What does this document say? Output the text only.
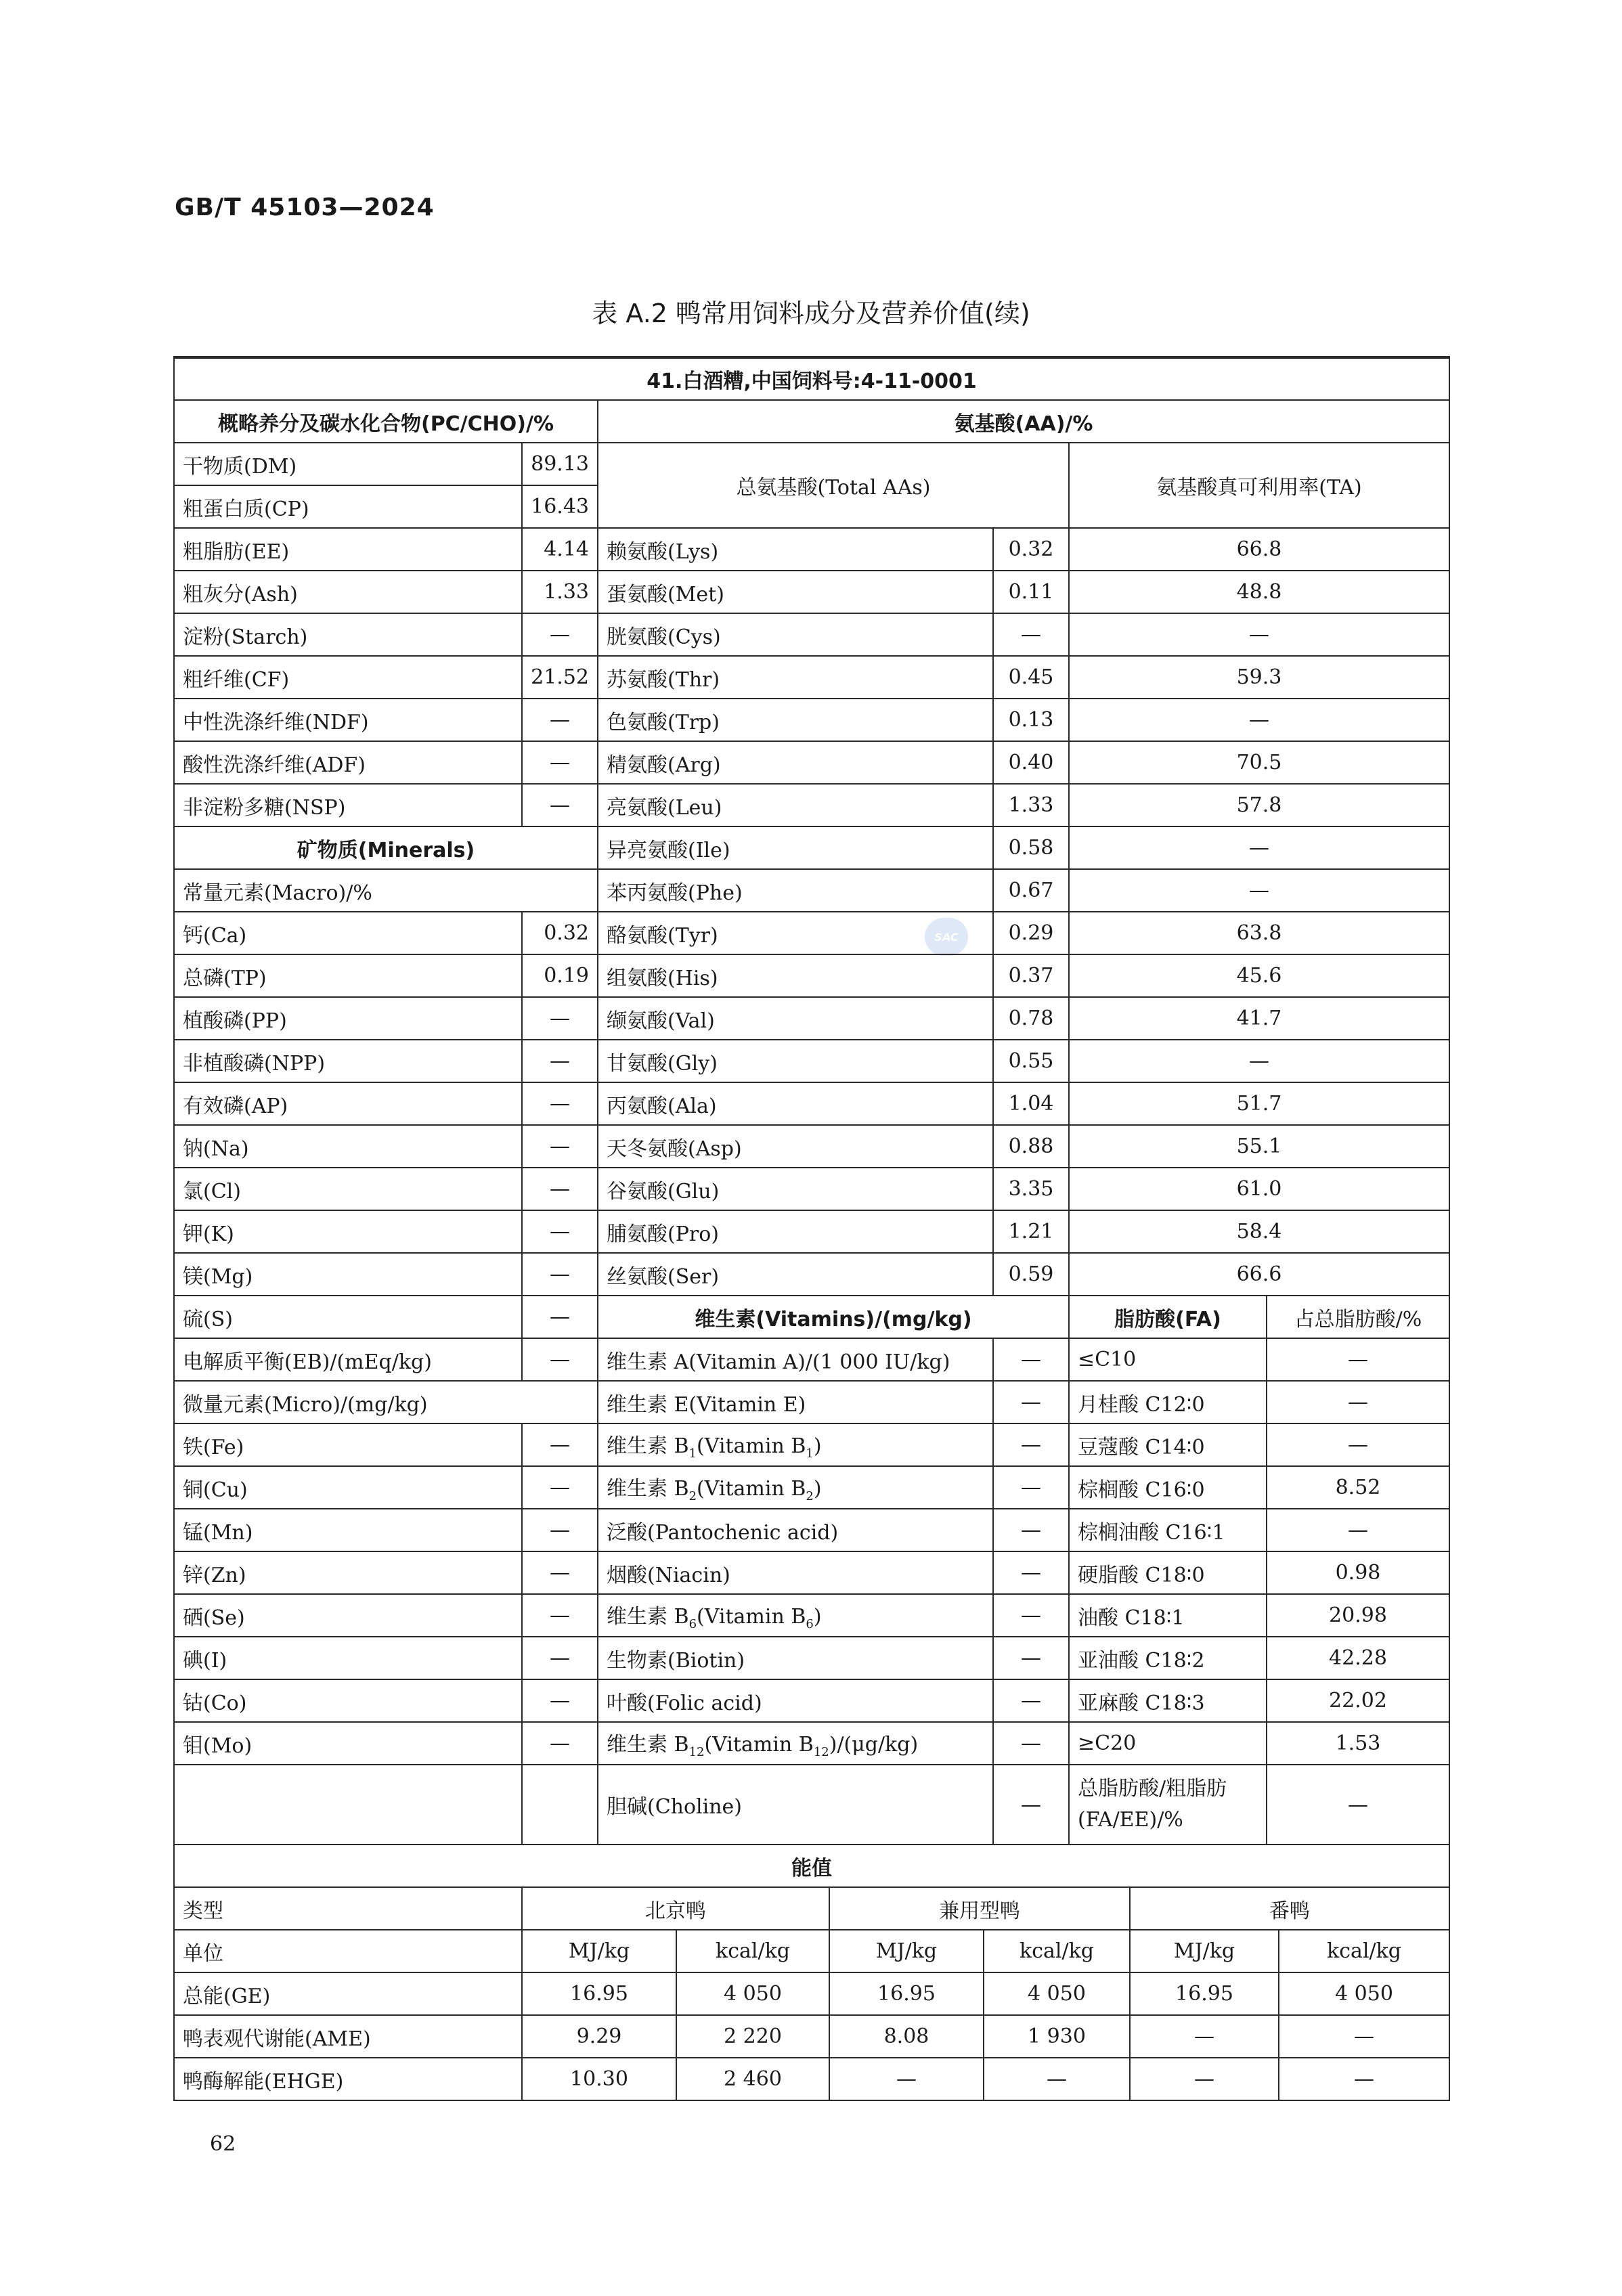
GB/T 45103—2024
表 A.2 鸭常用饲料成分及营养价值(续)
SAC
41.白酒糟,中国饲料号:4-11-0001					
概略养分及碳水化合物(PC/CHO)/%		氨基酸(AA)/%			
干物质(DM)	89.13	总氨基酸(Total AAs)		氨基酸真可利用率(TA)	
粗蛋白质(CP)	16.43				
粗脂肪(EE)	4.14	赖氨酸(Lys)	0.32	66.8	
粗灰分(Ash)	1.33	蛋氨酸(Met)	0.11	48.8	
淀粉(Starch)	—	胱氨酸(Cys)	—	—	
粗纤维(CF)	21.52	苏氨酸(Thr)	0.45	59.3	
中性洗涤纤维(NDF)	—	色氨酸(Trp)	0.13	—	
酸性洗涤纤维(ADF)	—	精氨酸(Arg)	0.40	70.5	
非淀粉多糖(NSP)	—	亮氨酸(Leu)	1.33	57.8	
矿物质(Minerals)		异亮氨酸(Ile)	0.58	—	
常量元素(Macro)/%		苯丙氨酸(Phe)	0.67	—	
钙(Ca)	0.32	酪氨酸(Tyr)	0.29	63.8	
总磷(TP)	0.19	组氨酸(His)	0.37	45.6	
植酸磷(PP)	—	缬氨酸(Val)	0.78	41.7	
非植酸磷(NPP)	—	甘氨酸(Gly)	0.55	—	
有效磷(AP)	—	丙氨酸(Ala)	1.04	51.7	
钠(Na)	—	天冬氨酸(Asp)	0.88	55.1	
氯(Cl)	—	谷氨酸(Glu)	3.35	61.0	
钾(K)	—	脯氨酸(Pro)	1.21	58.4	
镁(Mg)	—	丝氨酸(Ser)	0.59	66.6	
硫(S)	—	维生素(Vitamins)/(mg/kg)		脂肪酸(FA)	占总脂肪酸/%
电解质平衡(EB)/(mEq/kg)	—	维生素 A(Vitamin A)/(1 000 IU/kg)	—	≤C10	—
微量元素(Micro)/(mg/kg)		维生素 E(Vitamin E)	—	月桂酸 C12∶0	—
铁(Fe)	—	维生素 $B_1(Vitamin$ $B_1$)	—	豆蔻酸 C14∶0	—
铜(Cu)	—	维生素 $B_2(Vitamin$ $B_2$)	—	棕榈酸 C16∶0	8.52
锰(Mn)	—	泛酸(Pantochenic acid)	—	棕榈油酸 C16∶1	—
锌(Zn)	—	烟酸(Niacin)	—	硬脂酸 C18∶0	0.98
硒(Se)	—	维生素 $B_6(Vitamin$ $B_6$)	—	油酸 C18∶1	20.98
碘(I)	—	生物素(Biotin)	—	亚油酸 C18∶2	42.28
钴(Co)	—	叶酸(Folic acid)	—	亚麻酸 C18∶3	22.02
钼(Mo)	—	维生素 $B_{12}(Vitamin$ $B_{12})/(\mu g/kg)$	—	≥C20	1.53
		胆碱(Choline)	—	总脂肪酸/粗脂肪(FA/EE)/%	—
62
能值						
类型	北京鸭		兼用型鸭		番鸭	
单位	MJ/kg	kcal/kg	MJ/kg	kcal/kg	MJ/kg	kcal/kg
总能(GE)	16.95	4 050	16.95	4 050	16.95	4 050
鸭表观代谢能(AME)	9.29	2 220	8.08	1 930	—	—
鸭酶解能(EHGE)	10.30	2 460	—	—	—	—
